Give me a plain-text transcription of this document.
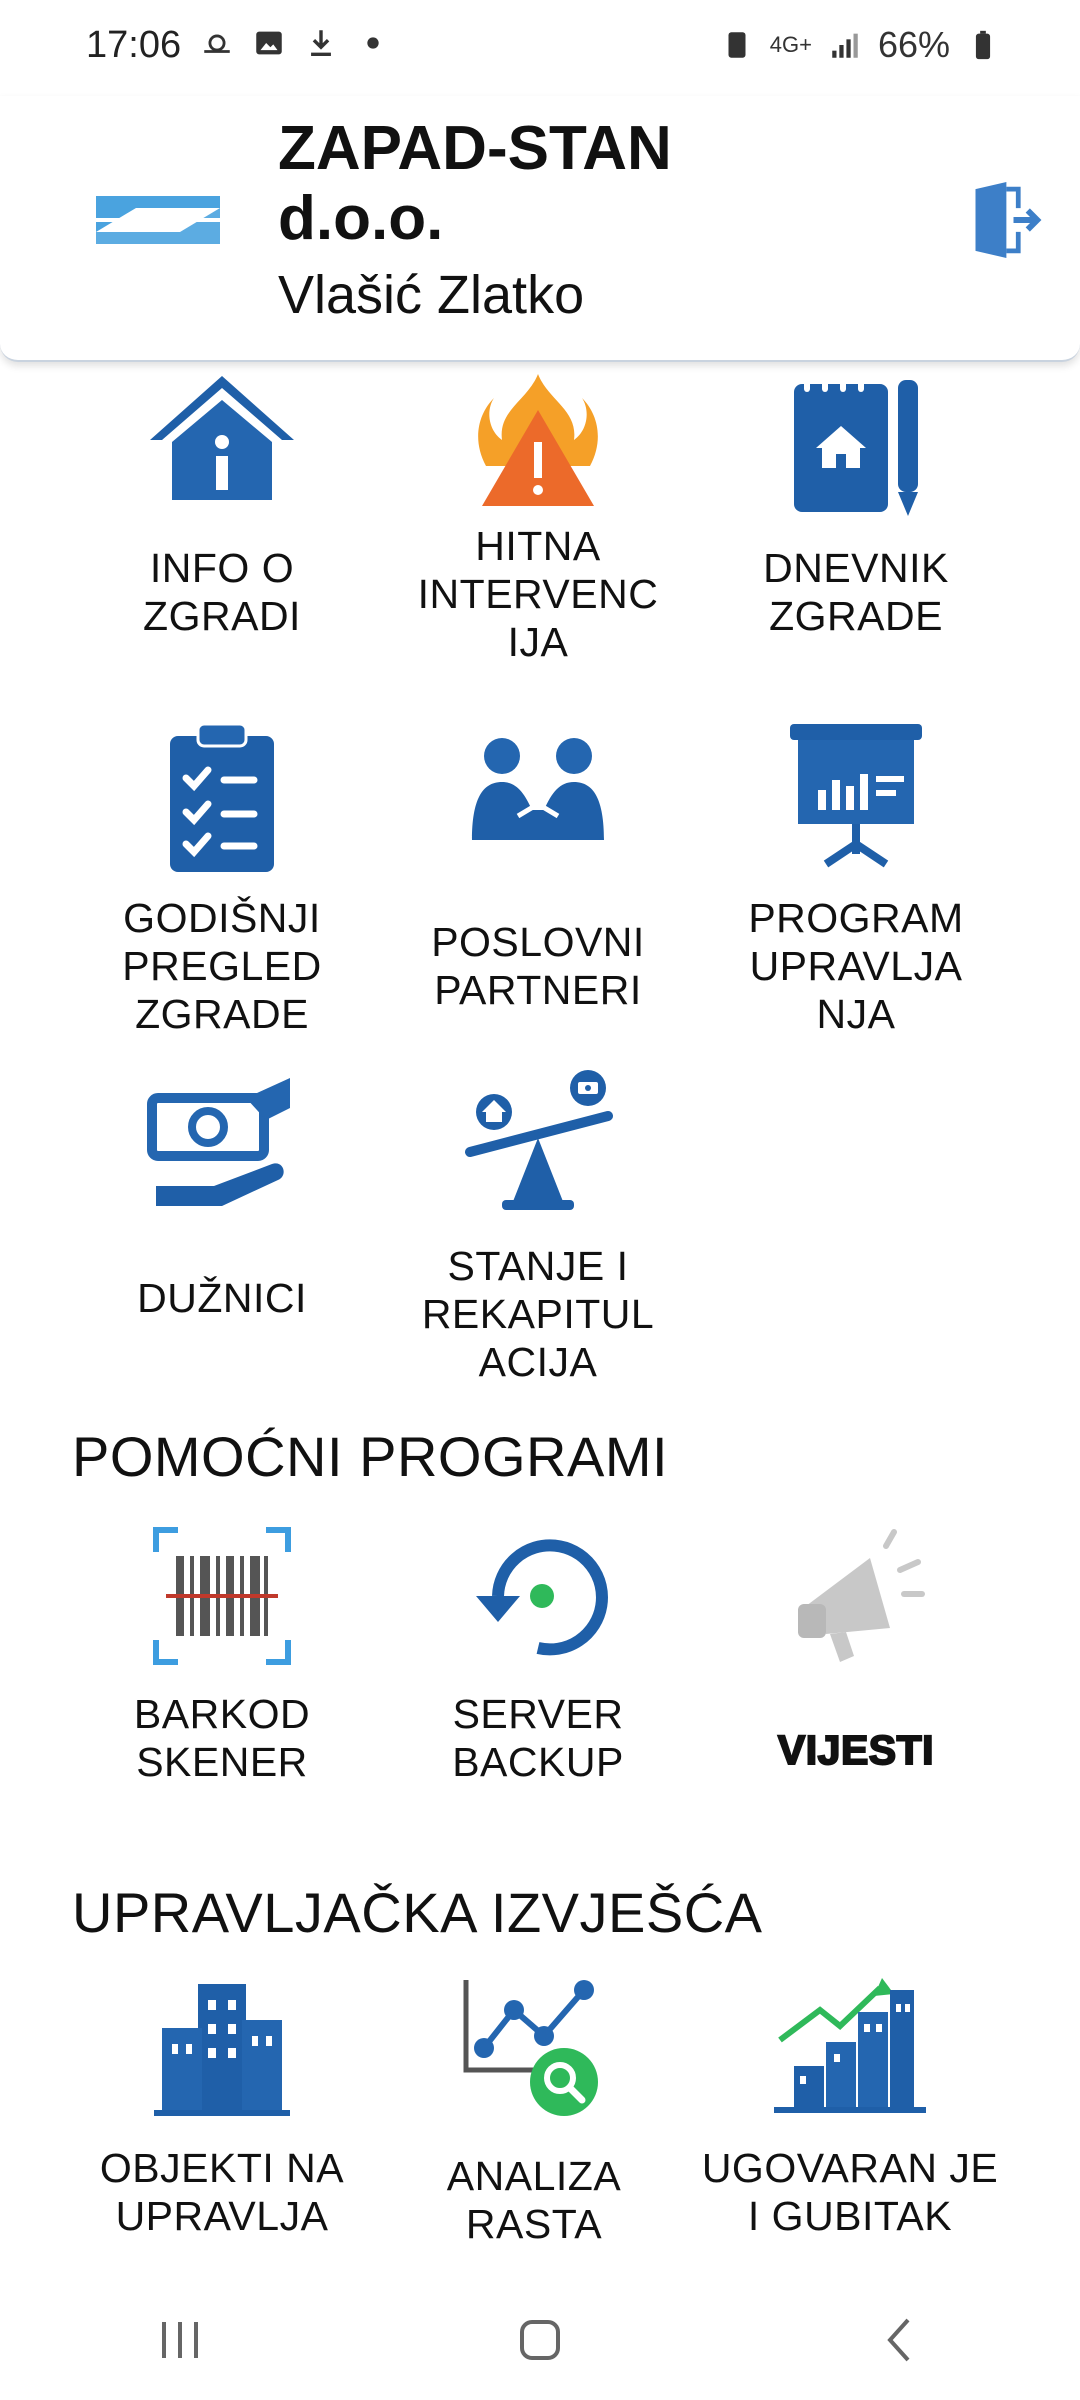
17:06	4G+ 66%
ZAPAD-STAN d.o.o.
Vlašić Zlatko
INFO O ZGRADI
HITNA INTERVENC IJA
DNEVNIK ZGRADE
GODIŠNJI PREGLED ZGRADE
POSLOVNI PARTNERI
PROGRAM UPRAVLJA NJA
DUŽNICI
STANJE I REKAPITUL ACIJA
POMOĆNI PROGRAMI
BARKOD SKENER
SERVER BACKUP	VIJESTI
UPRAVLJAČKA IZVJEŠĆA
OBJEKTI NA UPRAVLJA
ANALIZA RASTA
UGOVARAN JE I GUBITAK
